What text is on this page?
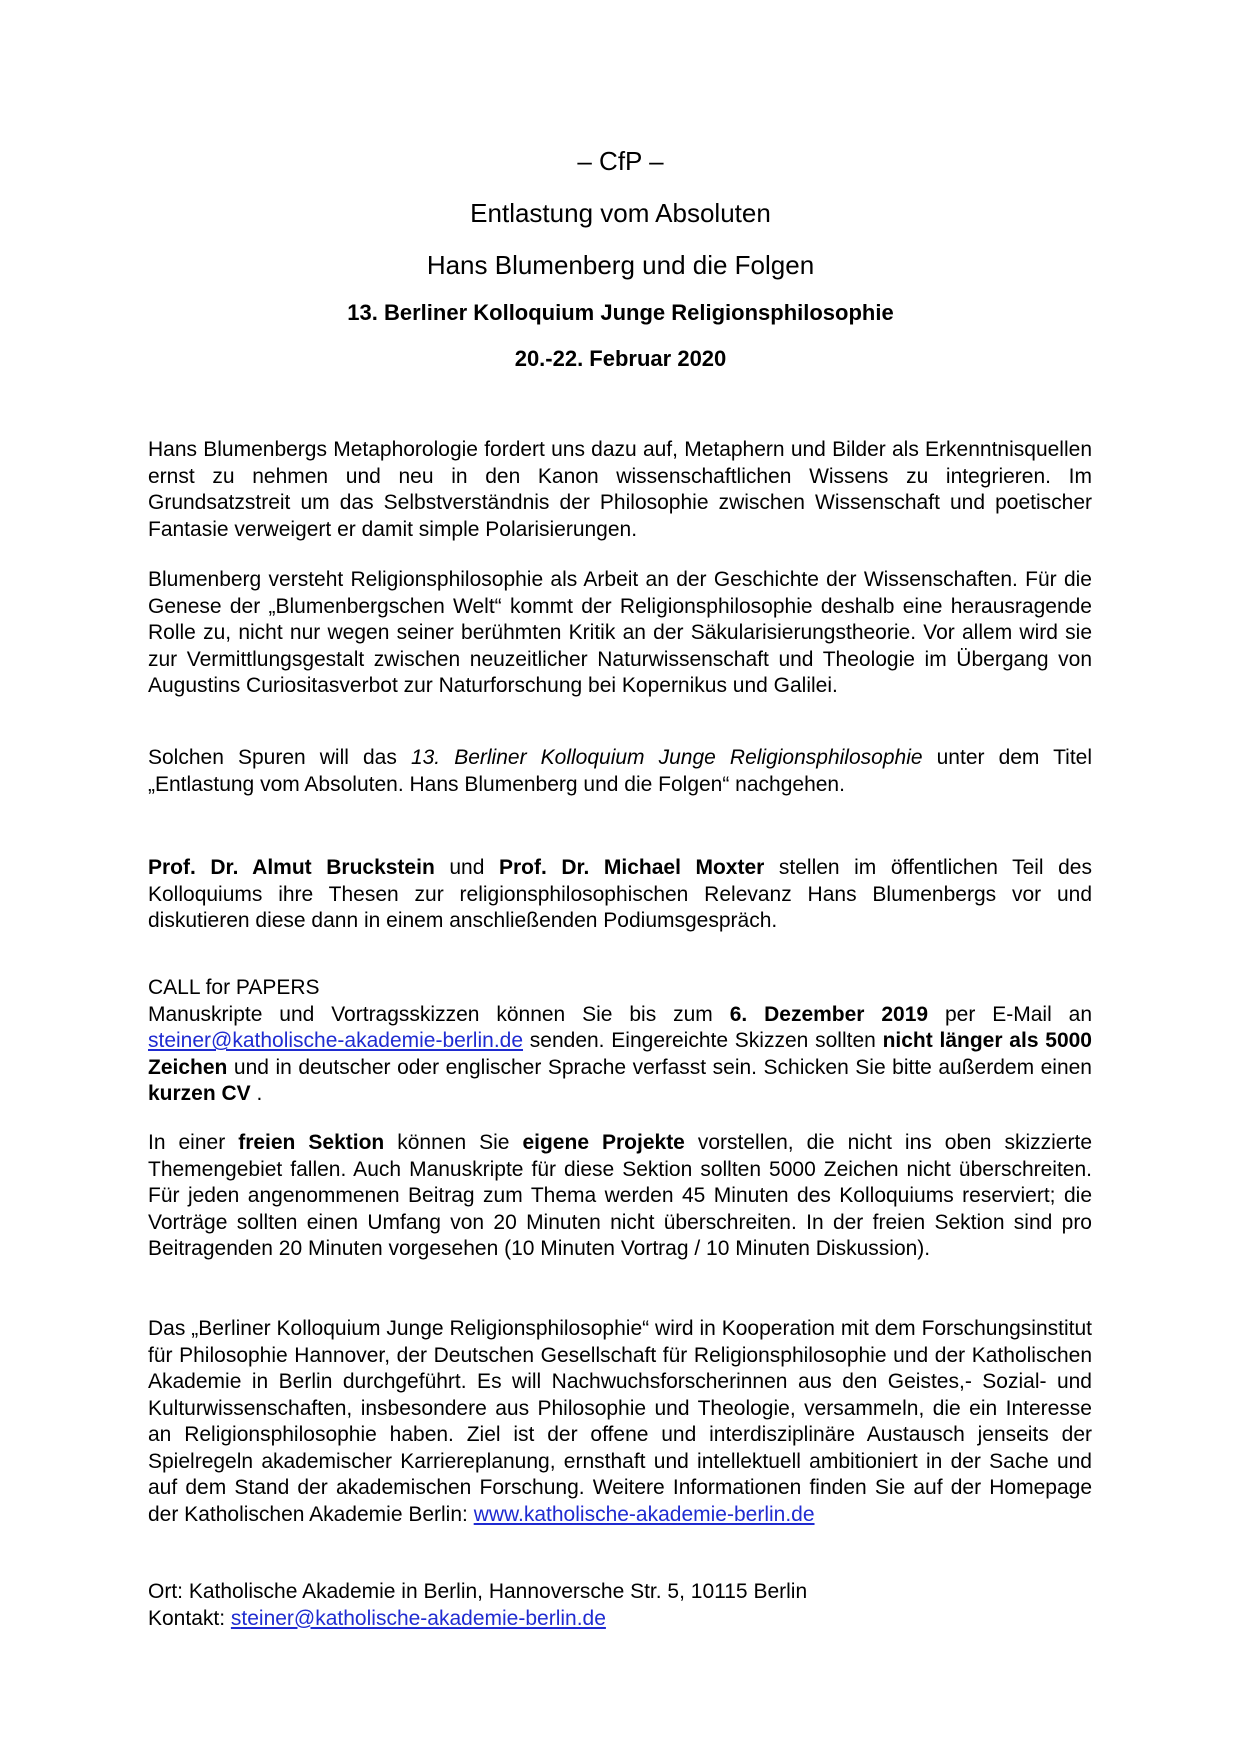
– CfP –
Entlastung vom Absoluten
Hans Blumenberg und die Folgen
13. Berliner Kolloquium Junge Religionsphilosophie
20.-22. Februar 2020
Hans Blumenbergs Metaphorologie fordert uns dazu auf, Metaphern und Bilder als Erkenntnisquellen ernst zu nehmen und neu in den Kanon wissenschaftlichen Wissens zu integrieren. Im Grundsatzstreit um das Selbstverständnis der Philosophie zwischen Wissenschaft und poetischer Fantasie verweigert er damit simple Polarisierungen.
Blumenberg versteht Religionsphilosophie als Arbeit an der Geschichte der Wissenschaften. Für die Genese der „Blumenbergschen Welt“ kommt der Religionsphilosophie deshalb eine herausragende Rolle zu, nicht nur wegen seiner berühmten Kritik an der Säkularisierungstheorie. Vor allem wird sie zur Vermittlungsgestalt zwischen neuzeitlicher Naturwissenschaft und Theologie im Übergang von Augustins Curiositasverbot zur Naturforschung bei Kopernikus und Galilei.
Solchen Spuren will das 13. Berliner Kolloquium Junge Religionsphilosophie unter dem Titel „Entlastung vom Absoluten. Hans Blumenberg und die Folgen“ nachgehen.
Prof. Dr. Almut Bruckstein und Prof. Dr. Michael Moxter stellen im öffentlichen Teil des Kolloquiums ihre Thesen zur religionsphilosophischen Relevanz Hans Blumenbergs vor und diskutieren diese dann in einem anschließenden Podiumsgespräch.
CALL for PAPERS
Manuskripte und Vortragsskizzen können Sie bis zum 6. Dezember 2019 per E-Mail an steiner@katholische-akademie-berlin.de senden. Eingereichte Skizzen sollten nicht länger als 5000 Zeichen und in deutscher oder englischer Sprache verfasst sein. Schicken Sie bitte außerdem einen kurzen CV .
In einer freien Sektion können Sie eigene Projekte vorstellen, die nicht ins oben skizzierte Themengebiet fallen. Auch Manuskripte für diese Sektion sollten 5000 Zeichen nicht überschreiten. Für jeden angenommenen Beitrag zum Thema werden 45 Minuten des Kolloquiums reserviert; die Vorträge sollten einen Umfang von 20 Minuten nicht überschreiten. In der freien Sektion sind pro Beitragenden 20 Minuten vorgesehen (10 Minuten Vortrag / 10 Minuten Diskussion).
Das „Berliner Kolloquium Junge Religionsphilosophie“ wird in Kooperation mit dem Forschungsinstitut für Philosophie Hannover, der Deutschen Gesellschaft für Religionsphilosophie und der Katholischen Akademie in Berlin durchgeführt. Es will Nachwuchsforscherinnen aus den Geistes,- Sozial- und Kulturwissenschaften, insbesondere aus Philosophie und Theologie, versammeln, die ein Interesse an Religionsphilosophie haben. Ziel ist der offene und interdisziplinäre Austausch jenseits der Spielregeln akademischer Karriereplanung, ernsthaft und intellektuell ambitioniert in der Sache und auf dem Stand der akademischen Forschung. Weitere Informationen finden Sie auf der Homepage der Katholischen Akademie Berlin: www.katholische-akademie-berlin.de
Ort: Katholische Akademie in Berlin, Hannoversche Str. 5, 10115 Berlin
Kontakt: steiner@katholische-akademie-berlin.de
